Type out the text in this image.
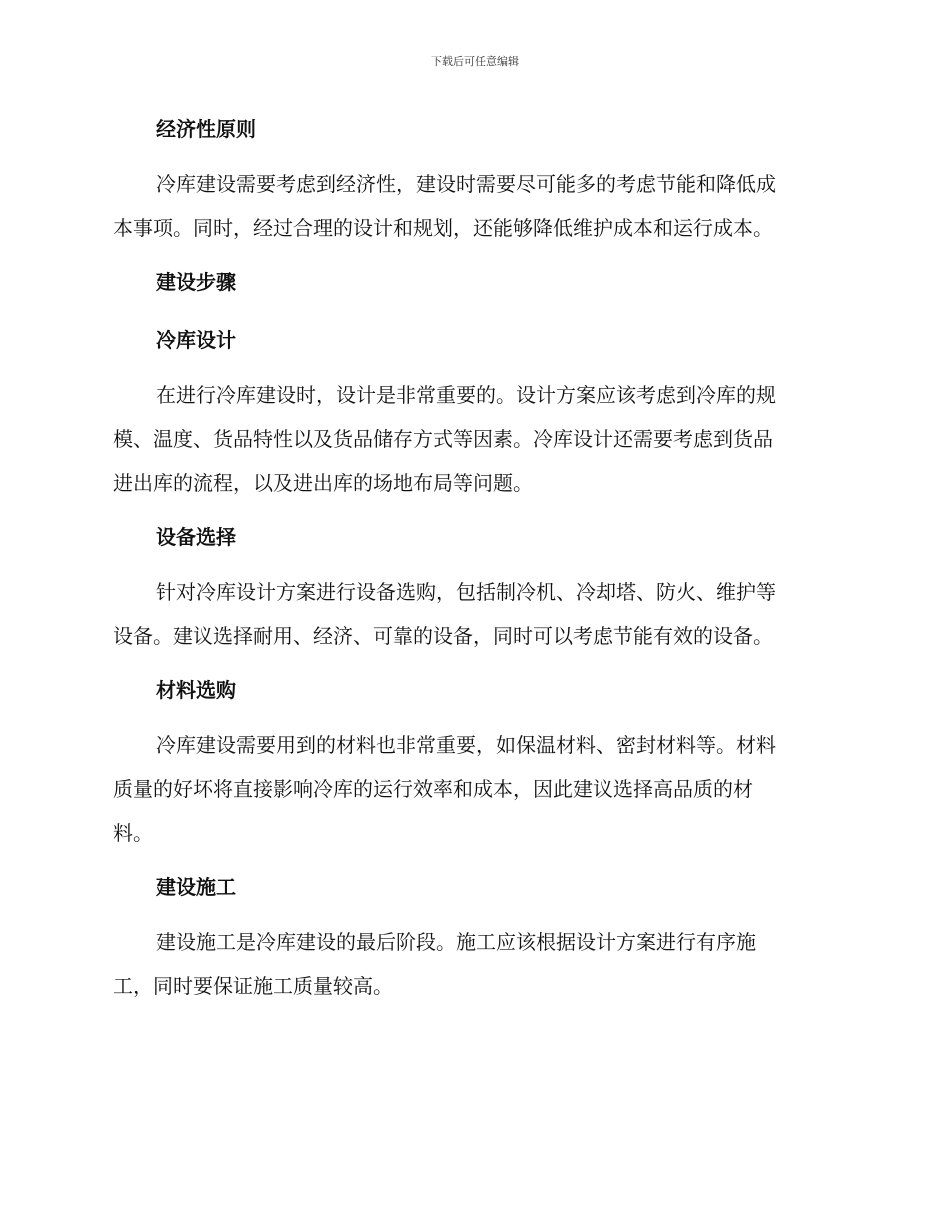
下载后可任意编辑
经济性原则

冷库建设需要考虑到经济性，建设时需要尽可能多的考虑节能和降低成
本事项。同时，经过合理的设计和规划，还能够降低维护成本和运行成本。

建设步骤
冷库设计

在进行冷库建设时，设计是非常重要的。设计方案应该考虑到冷库的规
模、温度、货品特性以及货品储存方式等因素。冷库设计还需要考虑到货品
进出库的流程，以及进出库的场地布局等问题。

设备选择

针对冷库设计方案进行设备选购，包括制冷机、冷却塔、防火、维护等
设备。建议选择耐用、经济、可靠的设备，同时可以考虑节能有效的设备。

材料选购

冷库建设需要用到的材料也非常重要，如保温材料、密封材料等。材料
质量的好坏将直接影响冷库的运行效率和成本，因此建议选择高品质的材
料。

建设施工

建设施工是冷库建设的最后阶段。施工应该根据设计方案进行有序施
工，同时要保证施工质量较高。
